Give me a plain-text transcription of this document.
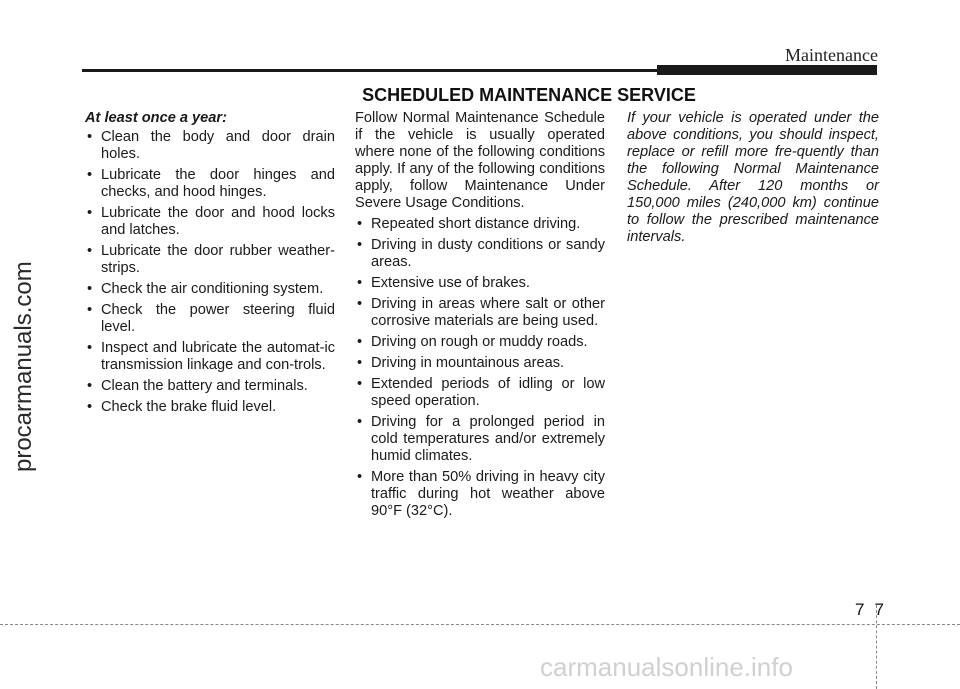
Maintenance
SCHEDULED MAINTENANCE SERVICE

At least once a year:

• Clean the body and door drain holes.
• Lubricate the door hinges and checks, and hood hinges.
• Lubricate the door and hood locks and latches.
• Lubricate the door rubber weather-strips.
• Check the air conditioning system.
• Check the power steering fluid level.
• Inspect and lubricate the automat-ic transmission linkage and con-trols.
• Clean the battery and terminals.
• Check the brake fluid level.

Follow Normal Maintenance Schedule if the vehicle is usually operated where none of the following conditions apply. If any of the following conditions apply, follow Maintenance Under Severe Usage Conditions.

• Repeated short distance driving.
• Driving in dusty conditions or sandy areas.
• Extensive use of brakes.
• Driving in areas where salt or other corrosive materials are being used.
• Driving on rough or muddy roads.
• Driving in mountainous areas.
• Extended periods of idling or low speed operation.
• Driving for a prolonged period in cold temperatures and/or extremely humid climates.
• More than 50% driving in heavy city traffic during hot weather above 90°F (32°C).

If your vehicle is operated under the above conditions, you should inspect, replace or refill more fre-quently than the following Normal Maintenance Schedule. After 120 months or 150,000 miles (240,000 km) continue to follow the prescribed maintenance intervals.

77
procarmanuals.com
carmanualsonline.info
